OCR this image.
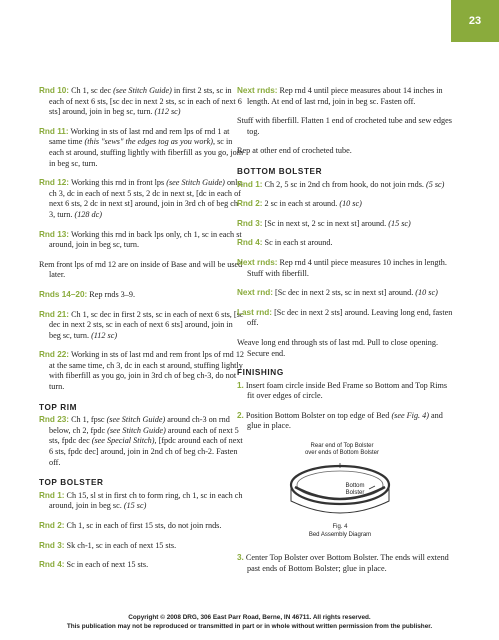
23

Rnd 10: Ch 1, sc dec (see Stitch Guide) in first 2 sts, sc in each of next 6 sts, [sc dec in next 2 sts, sc in each of next 6 sts] around, join in beg sc, turn. (112 sc)

Rnd 11: Working in sts of last rnd and rem lps of rnd 1 at same time (this "sews" the edges tog as you work), sc in each st around, stuffing lightly with fiberfill as you go, join in beg sc, turn.

Rnd 12: Working this rnd in front lps (see Stitch Guide) only, ch 3, dc in each of next 5 sts, 2 dc in next st, [dc in each of next 6 sts, 2 dc in next st] around, join in 3rd ch of beg ch-3, turn. (128 dc)

Rnd 13: Working this rnd in back lps only, ch 1, sc in each st around, join in beg sc, turn.

Rem front lps of rnd 12 are on inside of Base and will be used later.

Rnds 14–20: Rep rnds 3–9.

Rnd 21: Ch 1, sc dec in first 2 sts, sc in each of next 6 sts, [sc dec in next 2 sts, sc in each of next 6 sts] around, join in beg sc, turn. (112 sc)

Rnd 22: Working in sts of last rnd and rem front lps of rnd 12 at the same time, ch 3, dc in each st around, stuffing lightly with fiberfill as you go, join in 3rd ch of beg ch-3, do not turn.

TOP RIM

Rnd 23: Ch 1, fpsc (see Stitch Guide) around ch-3 on rnd below, ch 2, fpdc (see Stitch Guide) around each of next 5 sts, fpdc dec (see Special Stitch), [fpdc around each of next 6 sts, fpdc dec] around, join in 2nd ch of beg ch-2. Fasten off.

TOP BOLSTER

Rnd 1: Ch 15, sl st in first ch to form ring, ch 1, sc in each ch around, join in beg sc. (15 sc)

Rnd 2: Ch 1, sc in each of first 15 sts, do not join rnds.

Rnd 3: Sk ch-1, sc in each of next 15 sts.

Rnd 4: Sc in each of next 15 sts.

Next rnds: Rep rnd 4 until piece measures about 14 inches in length. At end of last rnd, join in beg sc. Fasten off.

Stuff with fiberfill. Flatten 1 end of crocheted tube and sew edges tog.

Rep at other end of crocheted tube.

BOTTOM BOLSTER

Rnd 1: Ch 2, 5 sc in 2nd ch from hook, do not join rnds. (5 sc)

Rnd 2: 2 sc in each st around. (10 sc)

Rnd 3: [Sc in next st, 2 sc in next st] around. (15 sc)

Rnd 4: Sc in each st around.

Next rnds: Rep rnd 4 until piece measures 10 inches in length. Stuff with fiberfill.

Next rnd: [Sc dec in next 2 sts, sc in next st] around. (10 sc)

Last rnd: [Sc dec in next 2 sts] around. Leaving long end, fasten off.

Weave long end through sts of last rnd. Pull to close opening. Secure end.

FINISHING

1. Insert foam circle inside Bed Frame so Bottom and Top Rims fit over edges of circle.

2. Position Bottom Bolster on top edge of Bed (see Fig. 4) and glue in place.

Rear end of Top Bolster
over ends of Bottom Bolster
Bottom
Bolster
Fig. 4
Bed Assembly Diagram

3. Center Top Bolster over Bottom Bolster. The ends will extend past ends of Bottom Bolster; glue in place.

Copyright © 2008 DRG, 306 East Parr Road, Berne, IN 46711. All rights reserved.
This publication may not be reproduced or transmitted in part or in whole without written permission from the publisher.
